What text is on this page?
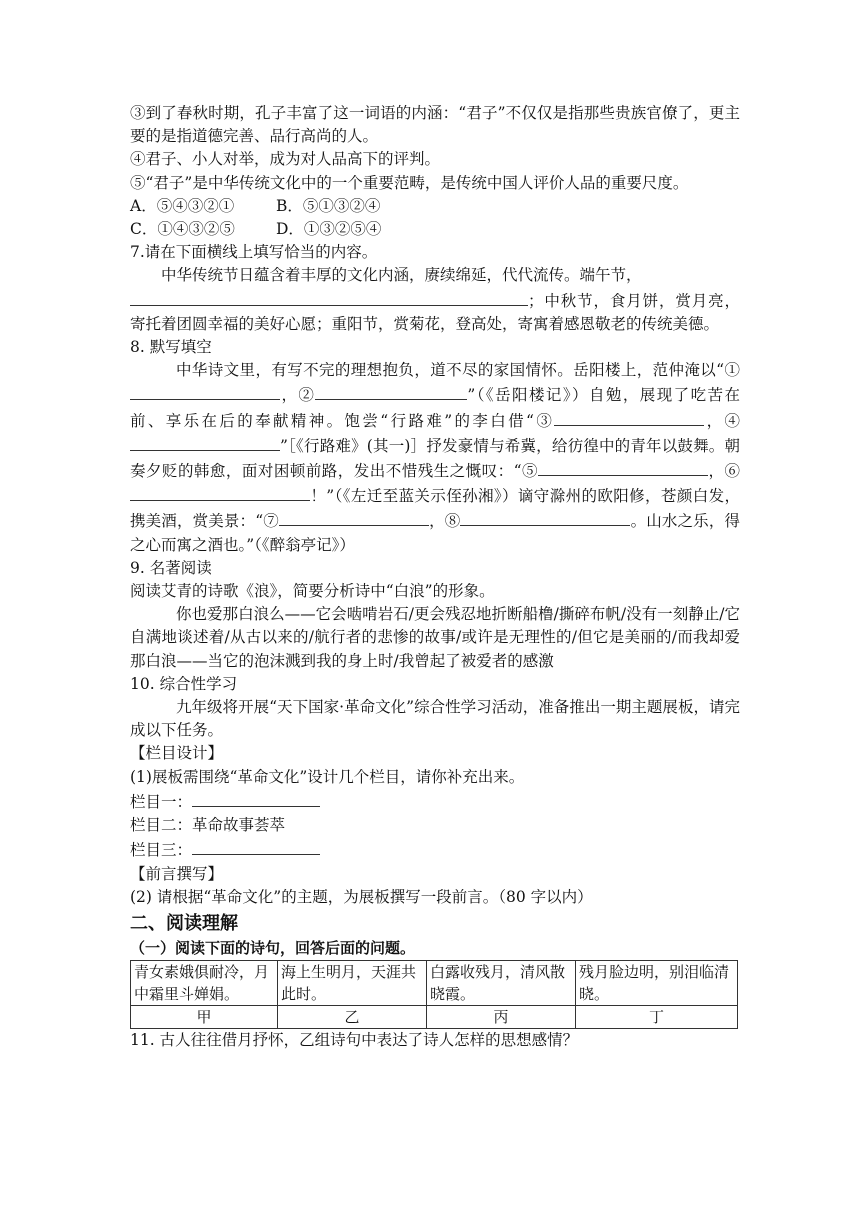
③到了春秋时期，孔子丰富了这一词语的内涵：“君子”不仅仅是指那些贵族官僚了，更主要的是指道德完善、品行高尚的人。

④君子、小人对举，成为对人品高下的评判。

⑤“君子”是中华传统文化中的一个重要范畴，是传统中国人评价人品的重要尺度。

A．⑤④③②①	B．⑤①③②④
C．①④③②⑤	D．①③②⑤④

7.请在下面横线上填写恰当的内容。

中华传统节日蕴含着丰厚的文化内涵，赓续绵延，代代流传。端午节，

；中秋节，食月饼，赏月亮，寄托着团圆幸福的美好心愿；重阳节，赏菊花，登高处，寄寓着感恩敬老的传统美德。

8. 默写填空

中华诗文里，有写不完的理想抱负，道不尽的家国情怀。岳阳楼上，范仲淹以“①，②	”（《岳阳楼记》）自勉，展现了吃苦在前、享乐在后的奉献精神。饱尝“行路难”的李白借“③	，④”［《行路难》(其一)］抒发豪情与希冀，给彷徨中的青年以鼓舞。朝奏夕贬的韩愈，面对困顿前路，发出不惜残生之慨叹：“⑤	，⑥！”（《左迁至蓝关示侄孙湘》）谪守滁州的欧阳修，苍颜白发，携美酒，赏美景：“⑦	，⑧	。山水之乐，得之心而寓之酒也。”（《醉翁亭记》）

9. 名著阅读

阅读艾青的诗歌《浪》，简要分析诗中“白浪”的形象。

你也爱那白浪么——它会啮啃岩石/更会残忍地折断船橹/撕碎布帆/没有一刻静止/它自满地谈述着/从古以来的/航行者的悲惨的故事/或许是无理性的/但它是美丽的/而我却爱那白浪——当它的泡沫溅到我的身上时/我曾起了被爱者的感激

10. 综合性学习

九年级将开展“天下国家·革命文化”综合性学习活动，准备推出一期主题展板，请完成以下任务。

【栏目设计】

(1)展板需围绕“革命文化”设计几个栏目，请你补充出来。

栏目一：

栏目二：革命故事荟萃

栏目三：

【前言撰写】

(2) 请根据“革命文化”的主题，为展板撰写一段前言。（80 字以内）

二、阅读理解

（一）阅读下面的诗句，回答后面的问题。

青女素娥俱耐冷，月中霜里斗婵娟。	海上生明月，天涯共此时。	白露收残月，清风散晓霞。	残月脸边明，别泪临清晓。
甲	乙	丙	丁

11. 古人往往借月抒怀，乙组诗句中表达了诗人怎样的思想感情？
